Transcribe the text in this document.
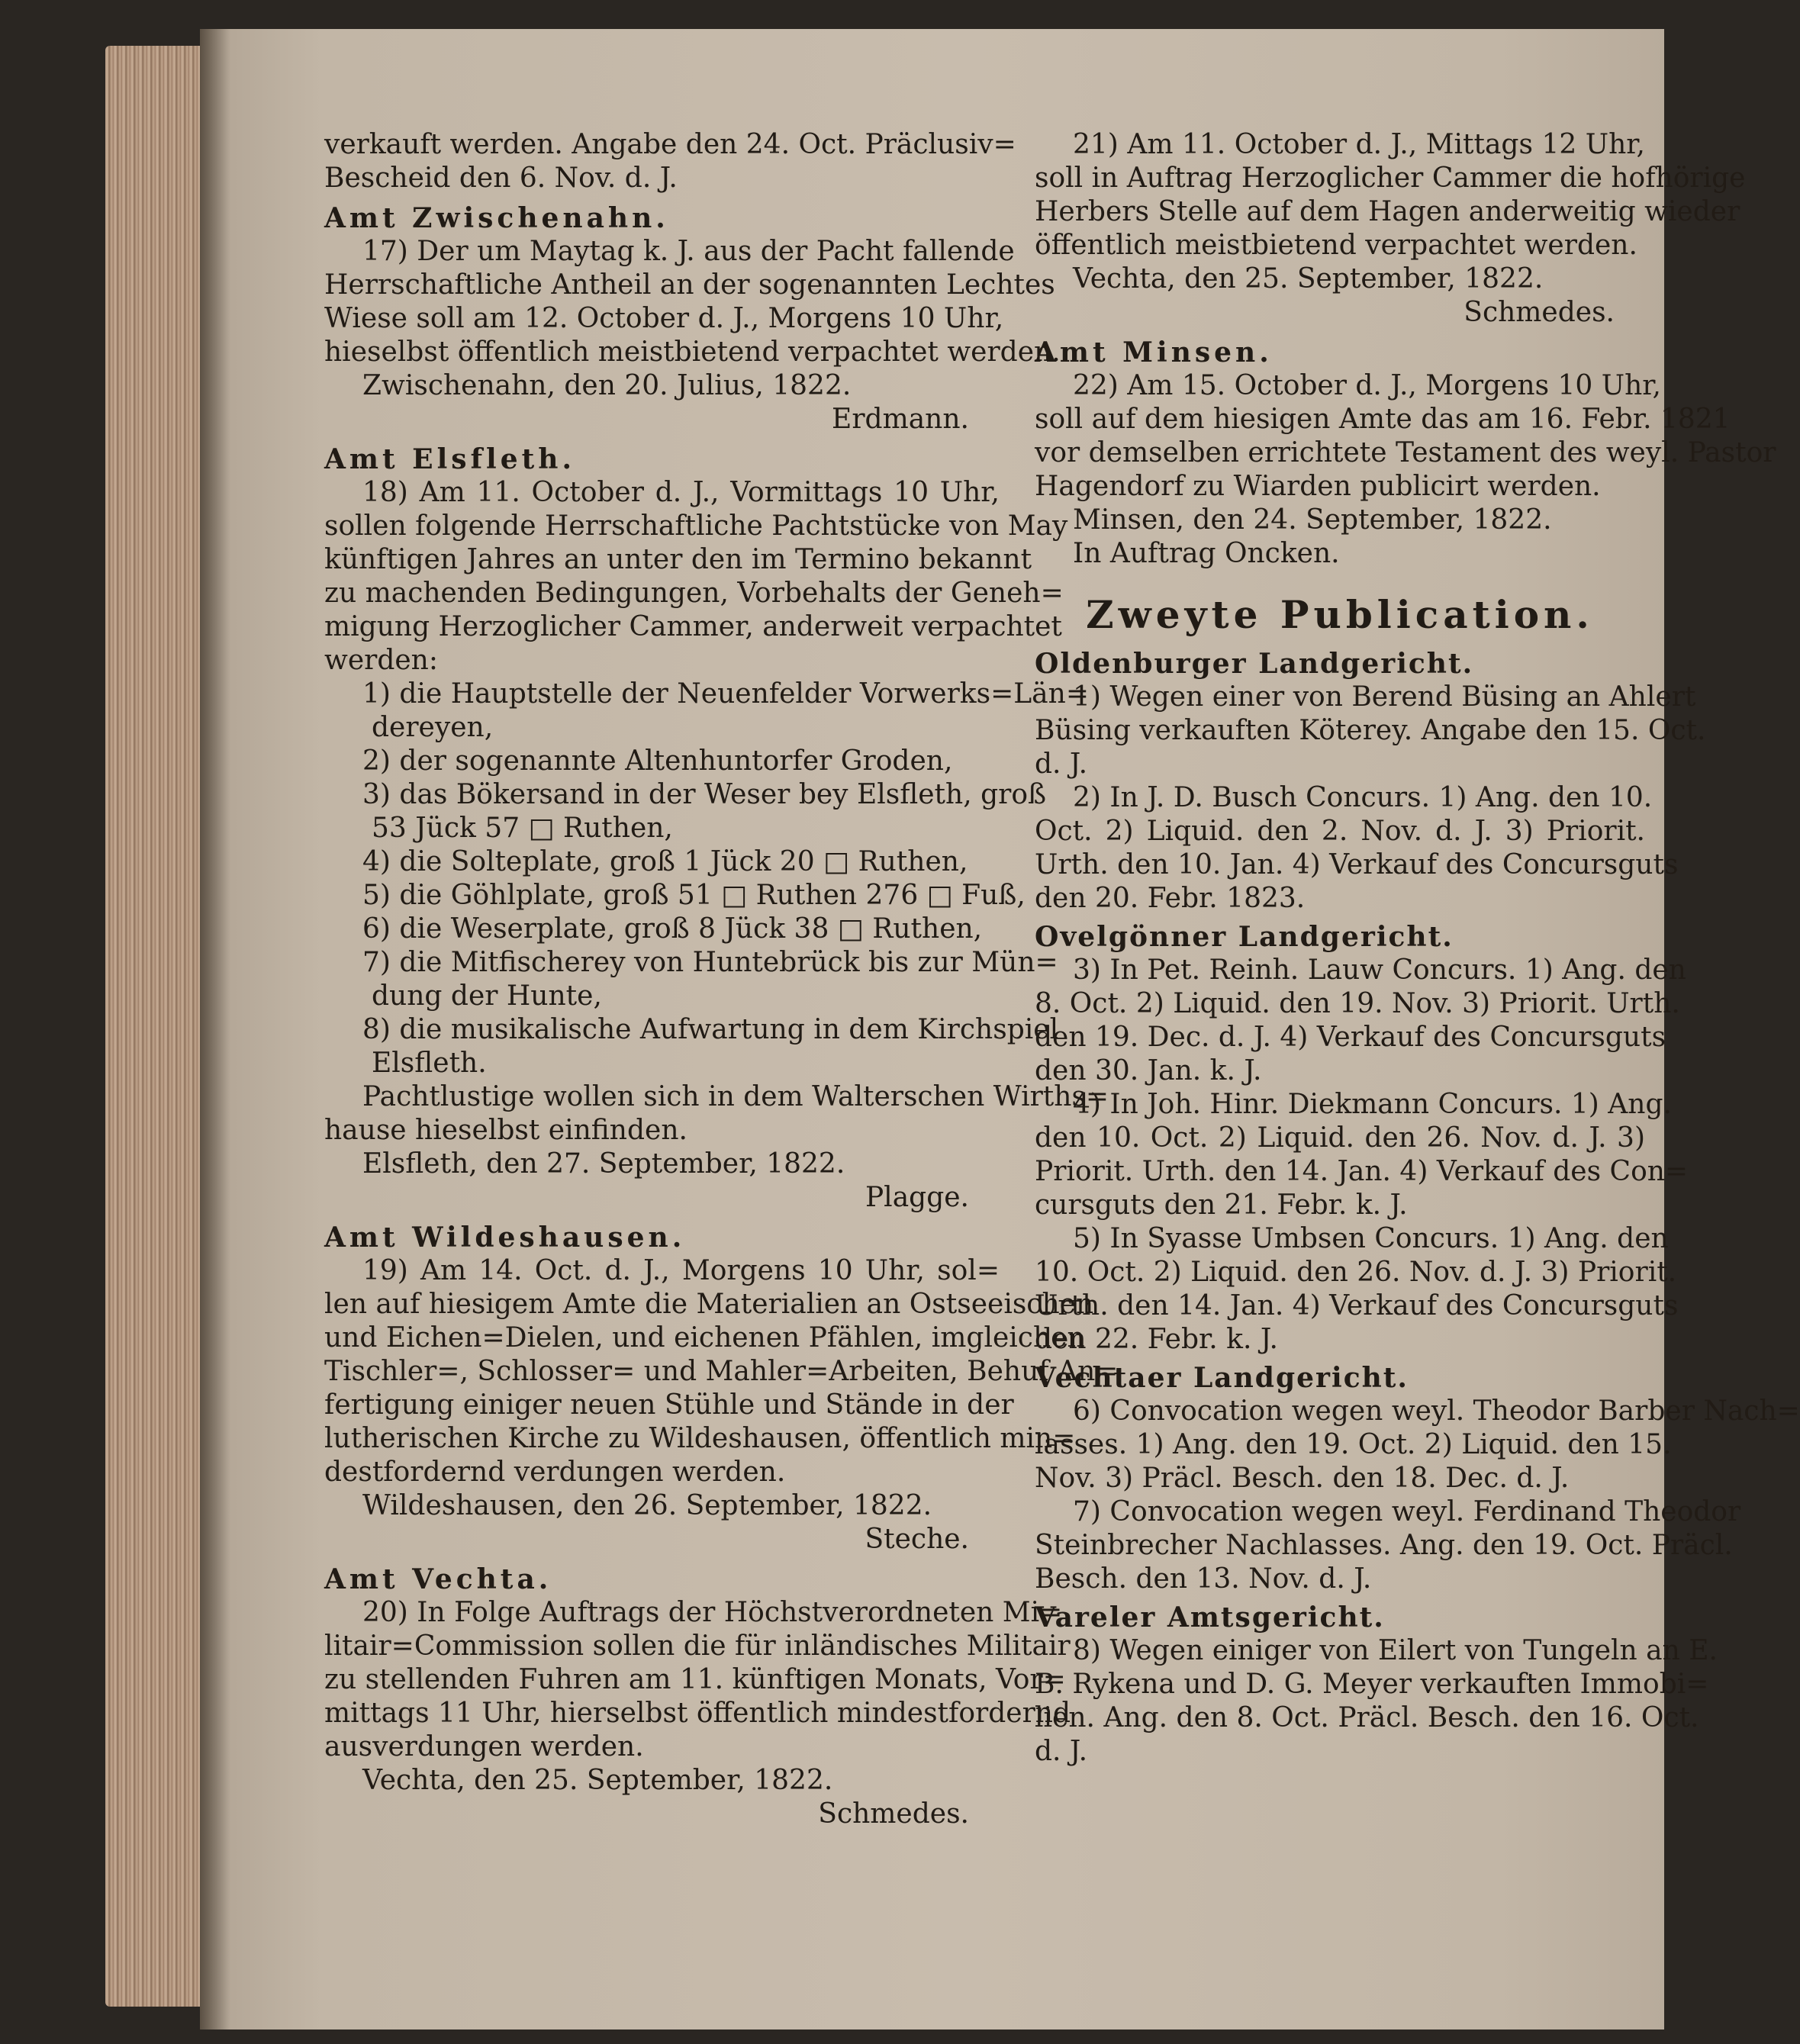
verkauft werden. Angabe den 24. Oct. Präclusiv=
Bescheid den 6. Nov. d. J.
Amt Zwischenahn.
17) Der um Maytag k. J. aus der Pacht fallende
Herrschaftliche Antheil an der sogenannten Lechtes
Wiese soll am 12. October d. J., Morgens 10 Uhr,
hieselbst öffentlich meistbietend verpachtet werden.
Zwischenahn, den 20. Julius, 1822.
Erdmann.
Amt Elsfleth.
18) Am 11. October d. J., Vormittags 10 Uhr,
sollen folgende Herrschaftliche Pachtstücke von May
künftigen Jahres an unter den im Termino bekannt
zu machenden Bedingungen, Vorbehalts der Geneh=
migung Herzoglicher Cammer, anderweit verpachtet
werden:
1) die Hauptstelle der Neuenfelder Vorwerks=Län=
dereyen,
2) der sogenannte Altenhuntorfer Groden,
3) das Bökersand in der Weser bey Elsfleth, groß
53 Jück 57 □ Ruthen,
4) die Solteplate, groß 1 Jück 20 □ Ruthen,
5) die Göhlplate, groß 51 □ Ruthen 276 □ Fuß,
6) die Weserplate, groß 8 Jück 38 □ Ruthen,
7) die Mitfischerey von Huntebrück bis zur Mün=
dung der Hunte,
8) die musikalische Aufwartung in dem Kirchspiel
Elsfleth.
Pachtlustige wollen sich in dem Walterschen Wirths=
hause hieselbst einfinden.
Elsfleth, den 27. September, 1822.
Plagge.
Amt Wildeshausen.
19) Am 14. Oct. d. J., Morgens 10 Uhr, sol=
len auf hiesigem Amte die Materialien an Ostseeischen
und Eichen=Dielen, und eichenen Pfählen, imgleichen
Tischler=, Schlosser= und Mahler=Arbeiten, Behuf An=
fertigung einiger neuen Stühle und Stände in der
lutherischen Kirche zu Wildeshausen, öffentlich min=
destfordernd verdungen werden.
Wildeshausen, den 26. September, 1822.
Steche.
Amt Vechta.
20) In Folge Auftrags der Höchstverordneten Mi=
litair=Commission sollen die für inländisches Militair
zu stellenden Fuhren am 11. künftigen Monats, Vor=
mittags 11 Uhr, hierselbst öffentlich mindestfordernd
ausverdungen werden.
Vechta, den 25. September, 1822.
Schmedes.
21) Am 11. October d. J., Mittags 12 Uhr,
soll in Auftrag Herzoglicher Cammer die hofhörige
Herbers Stelle auf dem Hagen anderweitig wieder
öffentlich meistbietend verpachtet werden.
Vechta, den 25. September, 1822.
Schmedes.
Amt Minsen.
22) Am 15. October d. J., Morgens 10 Uhr,
soll auf dem hiesigen Amte das am 16. Febr. 1821
vor demselben errichtete Testament des weyl. Pastor
Hagendorf zu Wiarden publicirt werden.
Minsen, den 24. September, 1822.
In Auftrag Oncken.
Zweyte Publication.
Oldenburger Landgericht.
1) Wegen einer von Berend Büsing an Ahlert
Büsing verkauften Köterey. Angabe den 15. Oct.
d. J.
2) In J. D. Busch Concurs. 1) Ang. den 10.
Oct. 2) Liquid. den 2. Nov. d. J. 3) Priorit.
Urth. den 10. Jan. 4) Verkauf des Concursguts
den 20. Febr. 1823.
Ovelgönner Landgericht.
3) In Pet. Reinh. Lauw Concurs. 1) Ang. den
8. Oct. 2) Liquid. den 19. Nov. 3) Priorit. Urth.
den 19. Dec. d. J. 4) Verkauf des Concursguts
den 30. Jan. k. J.
4) In Joh. Hinr. Diekmann Concurs. 1) Ang.
den 10. Oct. 2) Liquid. den 26. Nov. d. J. 3)
Priorit. Urth. den 14. Jan. 4) Verkauf des Con=
cursguts den 21. Febr. k. J.
5) In Syasse Umbsen Concurs. 1) Ang. den
10. Oct. 2) Liquid. den 26. Nov. d. J. 3) Priorit.
Urth. den 14. Jan. 4) Verkauf des Concursguts
den 22. Febr. k. J.
Vechtaer Landgericht.
6) Convocation wegen weyl. Theodor Barber Nach=
lasses. 1) Ang. den 19. Oct. 2) Liquid. den 15.
Nov. 3) Präcl. Besch. den 18. Dec. d. J.
7) Convocation wegen weyl. Ferdinand Theodor
Steinbrecher Nachlasses. Ang. den 19. Oct. Präcl.
Besch. den 13. Nov. d. J.
Vareler Amtsgericht.
8) Wegen einiger von Eilert von Tungeln an E.
B. Rykena und D. G. Meyer verkauften Immobi=
lien. Ang. den 8. Oct. Präcl. Besch. den 16. Oct.
d. J.
